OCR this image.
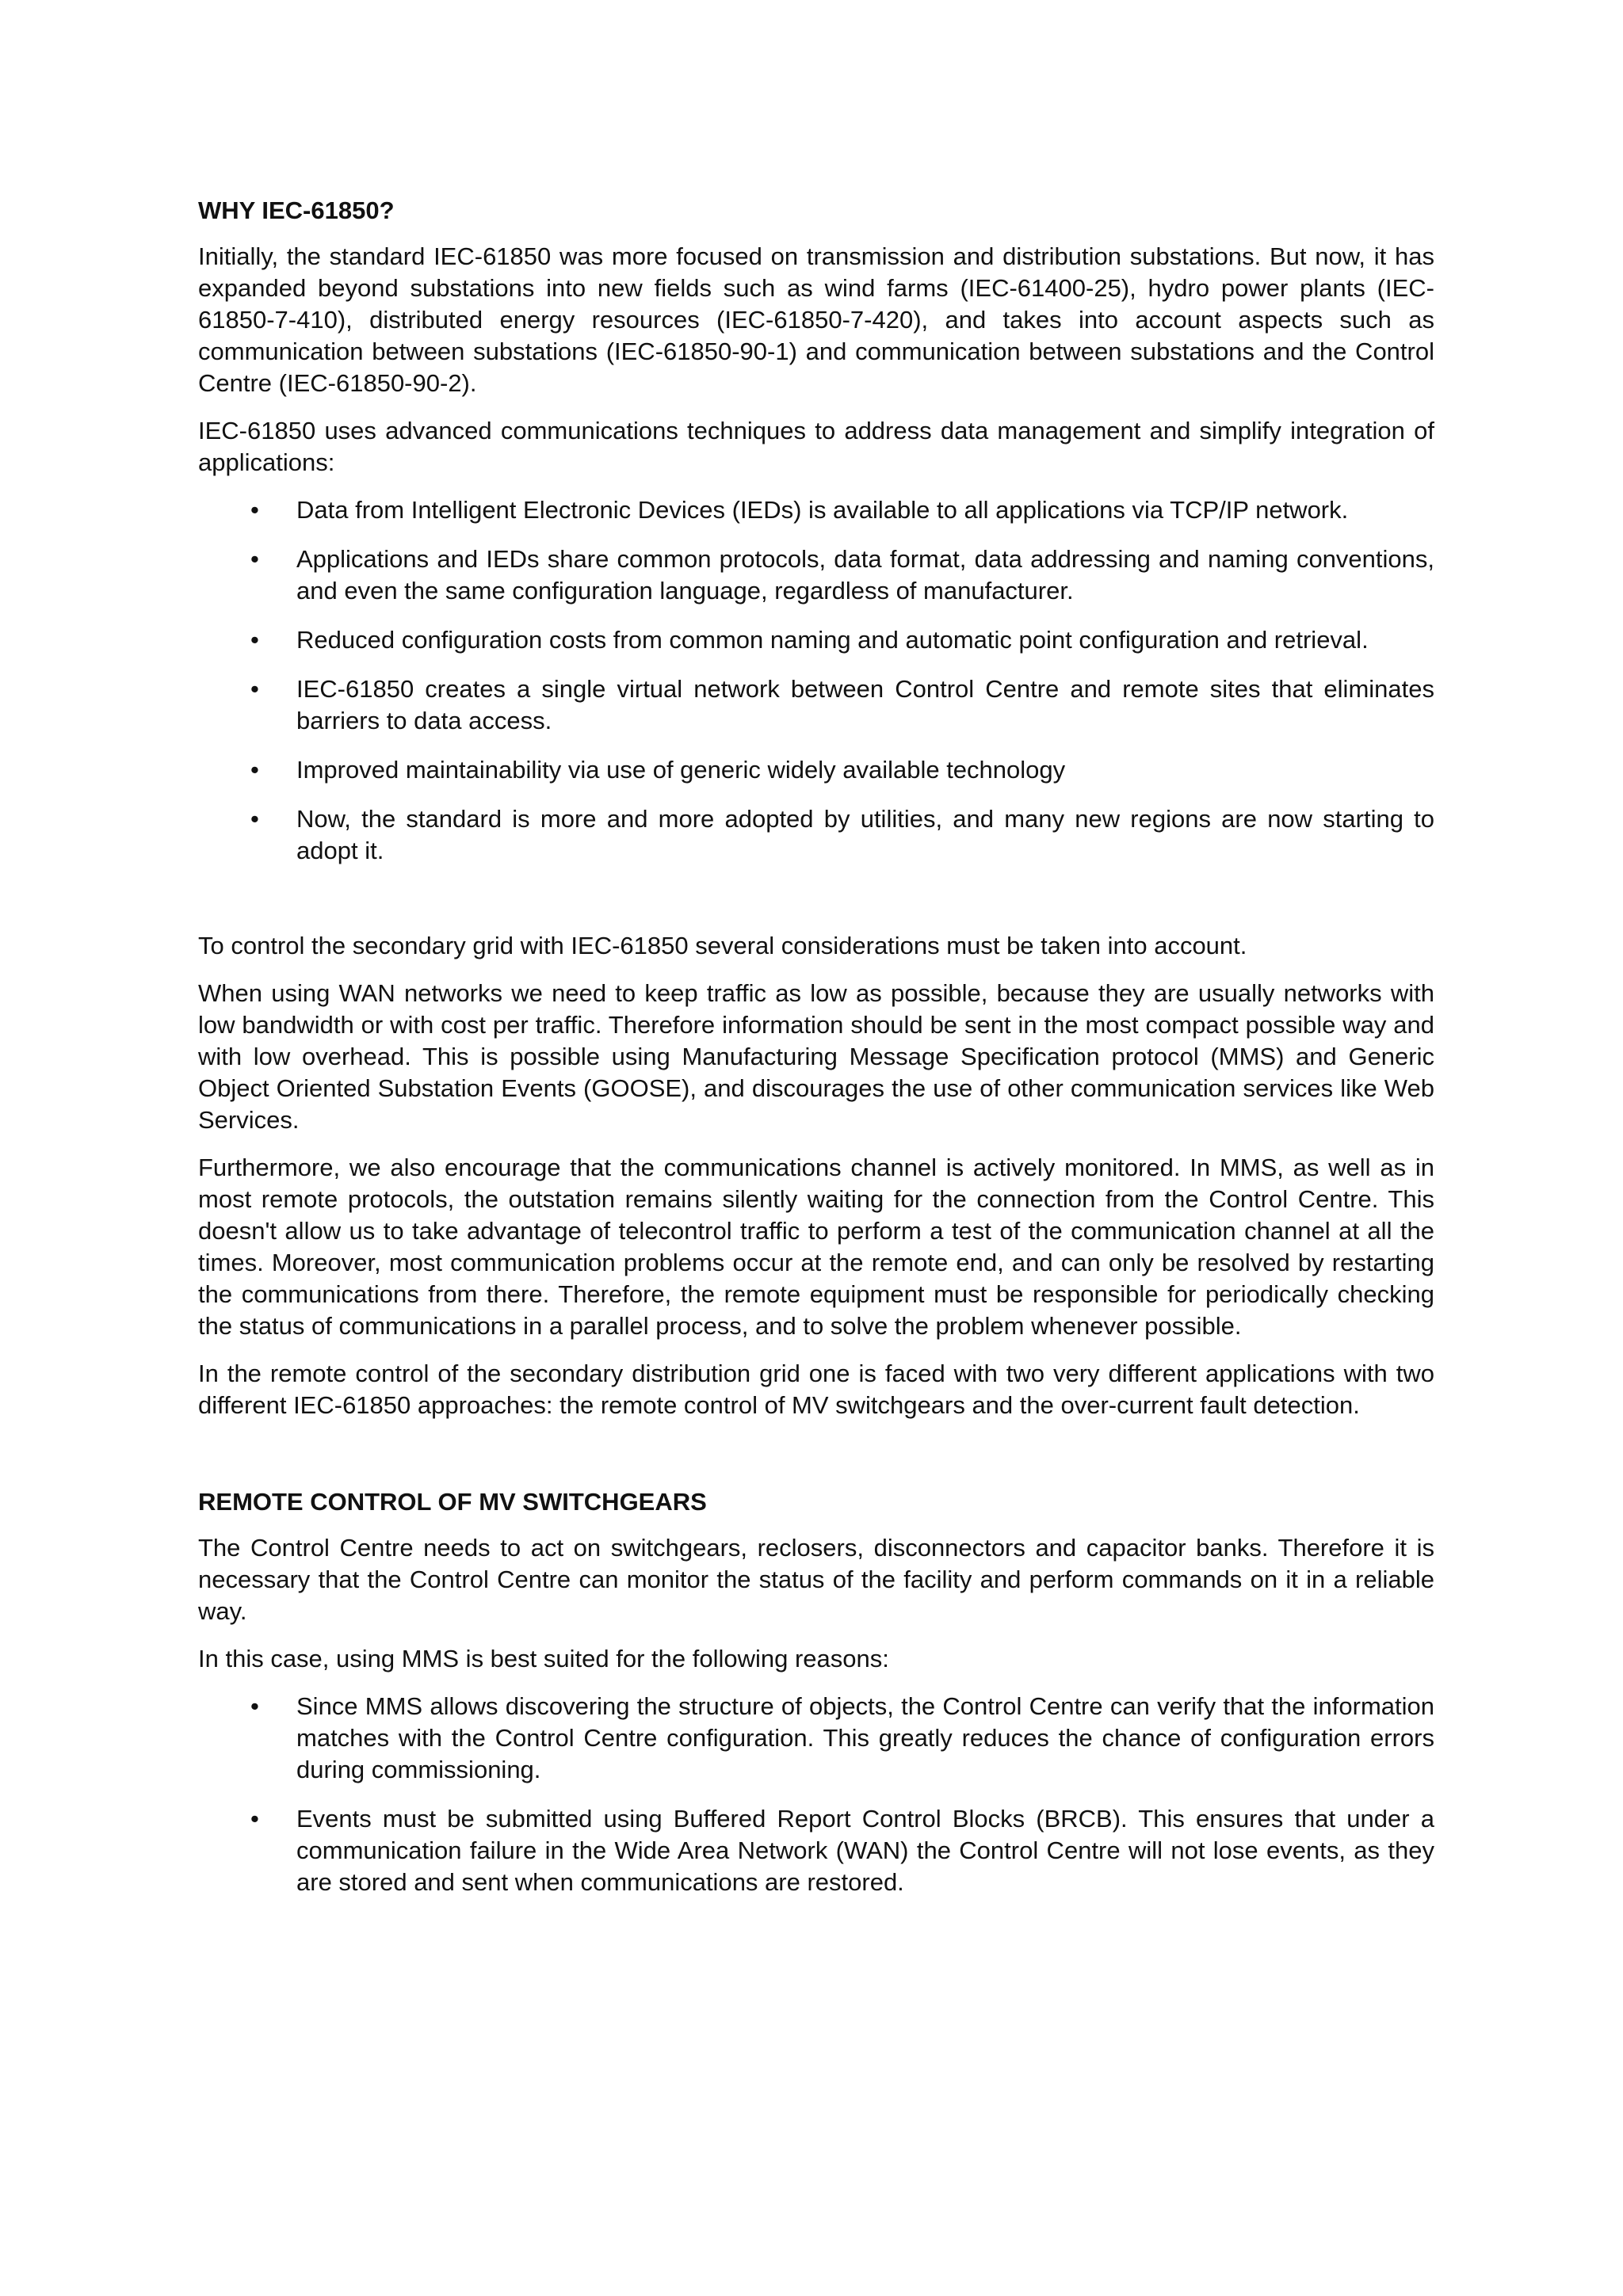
WHY IEC-61850?

Initially, the standard IEC-61850 was more focused on transmission and distribution substations. But now, it has expanded beyond substations into new fields such as wind farms (IEC-61400-25), hydro power plants (IEC-61850-7-410), distributed energy resources (IEC-61850-7-420), and takes into account aspects such as communication between substations (IEC-61850-90-1) and communication between substations and the Control Centre (IEC-61850-90-2).

IEC-61850 uses advanced communications techniques to address data management and simplify integration of applications:

• Data from Intelligent Electronic Devices (IEDs) is available to all applications via TCP/IP network.
• Applications and IEDs share common protocols, data format, data addressing and naming conventions, and even the same configuration language, regardless of manufacturer.
• Reduced configuration costs from common naming and automatic point configuration and retrieval.
• IEC-61850 creates a single virtual network between Control Centre and remote sites that eliminates barriers to data access.
• Improved maintainability via use of generic widely available technology
• Now, the standard is more and more adopted by utilities, and many new regions are now starting to adopt it.

To control the secondary grid with IEC-61850 several considerations must be taken into account.

When using WAN networks we need to keep traffic as low as possible, because they are usually networks with low bandwidth or with cost per traffic. Therefore information should be sent in the most compact possible way and with low overhead. This is possible using Manufacturing Message Specification protocol (MMS) and Generic Object Oriented Substation Events (GOOSE), and discourages the use of other communication services like Web Services.

Furthermore, we also encourage that the communications channel is actively monitored. In MMS, as well as in most remote protocols, the outstation remains silently waiting for the connection from the Control Centre. This doesn't allow us to take advantage of telecontrol traffic to perform a test of the communication channel at all the times. Moreover, most communication problems occur at the remote end, and can only be resolved by restarting the communications from there. Therefore, the remote equipment must be responsible for periodically checking the status of communications in a parallel process, and to solve the problem whenever possible.

In the remote control of the secondary distribution grid one is faced with two very different applications with two different IEC-61850 approaches: the remote control of MV switchgears and the over-current fault detection.

REMOTE CONTROL OF MV SWITCHGEARS

The Control Centre needs to act on switchgears, reclosers, disconnectors and capacitor banks. Therefore it is necessary that the Control Centre can monitor the status of the facility and perform commands on it in a reliable way.

In this case, using MMS is best suited for the following reasons:

• Since MMS allows discovering the structure of objects, the Control Centre can verify that the information matches with the Control Centre configuration. This greatly reduces the chance of configuration errors during commissioning.
• Events must be submitted using Buffered Report Control Blocks (BRCB). This ensures that under a communication failure in the Wide Area Network (WAN) the Control Centre will not lose events, as they are stored and sent when communications are restored.
